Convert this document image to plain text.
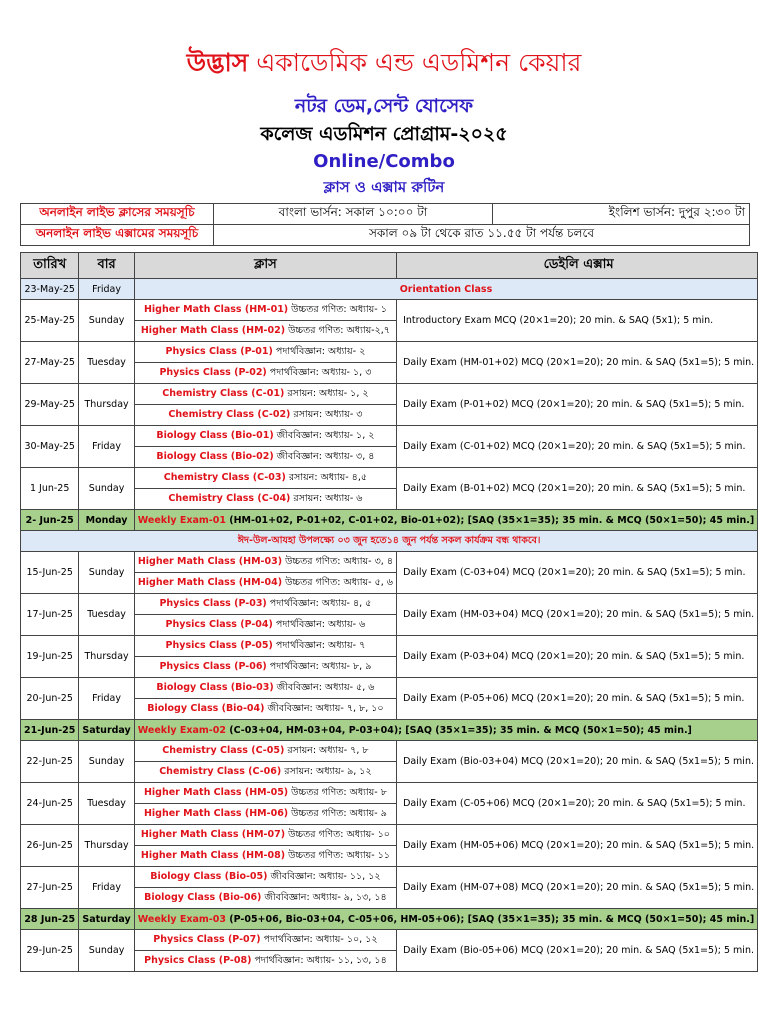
উদ্ভাস একাডেমিক এন্ড এডমিশন কেয়ার
নটর ডেম,সেন্ট যোসেফ
কলেজ এডমিশন প্রোগ্রাম-২০২৫
Online/Combo
ক্লাস ও এক্সাম রুটিন
অনলাইন লাইভ ক্লাসের সময়সূচি	বাংলা ভার্সন: সকাল ১০:০০ টা	ইংলিশ ভার্সন: দুপুর ২:৩০ টা
অনলাইন লাইভ এক্সামের সময়সূচি	সকাল ০৯ টা থেকে রাত ১১.৫৫ টা পর্যন্ত চলবে	
তারিখ	বার	ক্লাস	ডেইলি এক্সাম
23-May-25	Friday	Orientation Class	
25-May-25	Sunday	Higher Math Class (HM-01) উচ্চতর গণিত: অধ্যায়- ১	Introductory Exam MCQ (20×1=20); 20 min. & SAQ (5x1); 5 min.
		Higher Math Class (HM-02) উচ্চতর গণিত: অধ্যায়-২,৭	
27-May-25	Tuesday	Physics Class (P-01) পদার্থবিজ্ঞান: অধ্যায়- ২	Daily Exam (HM-01+02) MCQ (20×1=20); 20 min. & SAQ (5x1=5); 5 min.
		Physics Class (P-02) পদার্থবিজ্ঞান: অধ্যায়- ১, ৩	
29-May-25	Thursday	Chemistry Class (C-01) রসায়ন: অধ্যায়- ১, ২	Daily Exam (P-01+02) MCQ (20×1=20); 20 min. & SAQ (5x1=5); 5 min.
		Chemistry Class (C-02) রসায়ন: অধ্যায়- ৩	
30-May-25	Friday	Biology Class (Bio-01) জীববিজ্ঞান: অধ্যায়- ১, ২	Daily Exam (C-01+02) MCQ (20×1=20); 20 min. & SAQ (5x1=5); 5 min.
		Biology Class (Bio-02) জীববিজ্ঞান: অধ্যায়- ৩, ৪	
1 Jun-25	Sunday	Chemistry Class (C-03) রসায়ন: অধ্যায়- ৪,৫	Daily Exam (B-01+02) MCQ (20×1=20); 20 min. & SAQ (5x1=5); 5 min.
		Chemistry Class (C-04) রসায়ন: অধ্যায়- ৬	
2- Jun-25	Monday	Weekly Exam-01 (HM-01+02, P-01+02, C-01+02, Bio-01+02); [SAQ (35×1=35); 35 min. & MCQ (50×1=50); 45 min.]	
ঈদ-উল-আযহা উপলক্ষ্যে ০৩ জুন হতে১৪ জুন পর্যন্ত সকল কার্যক্রম বন্ধ থাকবে।			
15-Jun-25	Sunday	Higher Math Class (HM-03) উচ্চতর গণিত: অধ্যায়- ৩, ৪	Daily Exam (C-03+04) MCQ (20×1=20); 20 min. & SAQ (5x1=5); 5 min.
		Higher Math Class (HM-04) উচ্চতর গণিত: অধ্যায়- ৫, ৬	
17-Jun-25	Tuesday	Physics Class (P-03) পদার্থবিজ্ঞান: অধ্যায়- ৪, ৫	Daily Exam (HM-03+04) MCQ (20×1=20); 20 min. & SAQ (5x1=5); 5 min.
		Physics Class (P-04) পদার্থবিজ্ঞান: অধ্যায়- ৬	
19-Jun-25	Thursday	Physics Class (P-05) পদার্থবিজ্ঞান: অধ্যায়- ৭	Daily Exam (P-03+04) MCQ (20×1=20); 20 min. & SAQ (5x1=5); 5 min.
		Physics Class (P-06) পদার্থবিজ্ঞান: অধ্যায়- ৮, ৯	
20-Jun-25	Friday	Biology Class (Bio-03) জীববিজ্ঞান: অধ্যায়- ৫, ৬	Daily Exam (P-05+06) MCQ (20×1=20); 20 min. & SAQ (5x1=5); 5 min.
		Biology Class (Bio-04) জীববিজ্ঞান: অধ্যায়- ৭, ৮, ১০	
21-Jun-25	Saturday	Weekly Exam-02 (C-03+04, HM-03+04, P-03+04); [SAQ (35×1=35); 35 min. & MCQ (50×1=50); 45 min.]	
22-Jun-25	Sunday	Chemistry Class (C-05) রসায়ন: অধ্যায়- ৭, ৮	Daily Exam (Bio-03+04) MCQ (20×1=20); 20 min. & SAQ (5x1=5); 5 min.
		Chemistry Class (C-06) রসায়ন: অধ্যায়- ৯, ১২	
24-Jun-25	Tuesday	Higher Math Class (HM-05) উচ্চতর গণিত: অধ্যায়- ৮	Daily Exam (C-05+06) MCQ (20×1=20); 20 min. & SAQ (5x1=5); 5 min.
		Higher Math Class (HM-06) উচ্চতর গণিত: অধ্যায়- ৯	
26-Jun-25	Thursday	Higher Math Class (HM-07) উচ্চতর গণিত: অধ্যায়- ১০	Daily Exam (HM-05+06) MCQ (20×1=20); 20 min. & SAQ (5x1=5); 5 min.
		Higher Math Class (HM-08) উচ্চতর গণিত: অধ্যায়- ১১	
27-Jun-25	Friday	Biology Class (Bio-05) জীববিজ্ঞান: অধ্যায়- ১১, ১২	Daily Exam (HM-07+08) MCQ (20×1=20); 20 min. & SAQ (5x1=5); 5 min.
		Biology Class (Bio-06) জীববিজ্ঞান: অধ্যায়- ৯, ১৩, ১৪	
28 Jun-25	Saturday	Weekly Exam-03 (P-05+06, Bio-03+04, C-05+06, HM-05+06); [SAQ (35×1=35); 35 min. & MCQ (50×1=50); 45 min.]	
29-Jun-25	Sunday	Physics Class (P-07) পদার্থবিজ্ঞান: অধ্যায়- ১০, ১২	Daily Exam (Bio-05+06) MCQ (20×1=20); 20 min. & SAQ (5x1=5); 5 min.
		Physics Class (P-08) পদার্থবিজ্ঞান: অধ্যায়- ১১, ১৩, ১৪	
